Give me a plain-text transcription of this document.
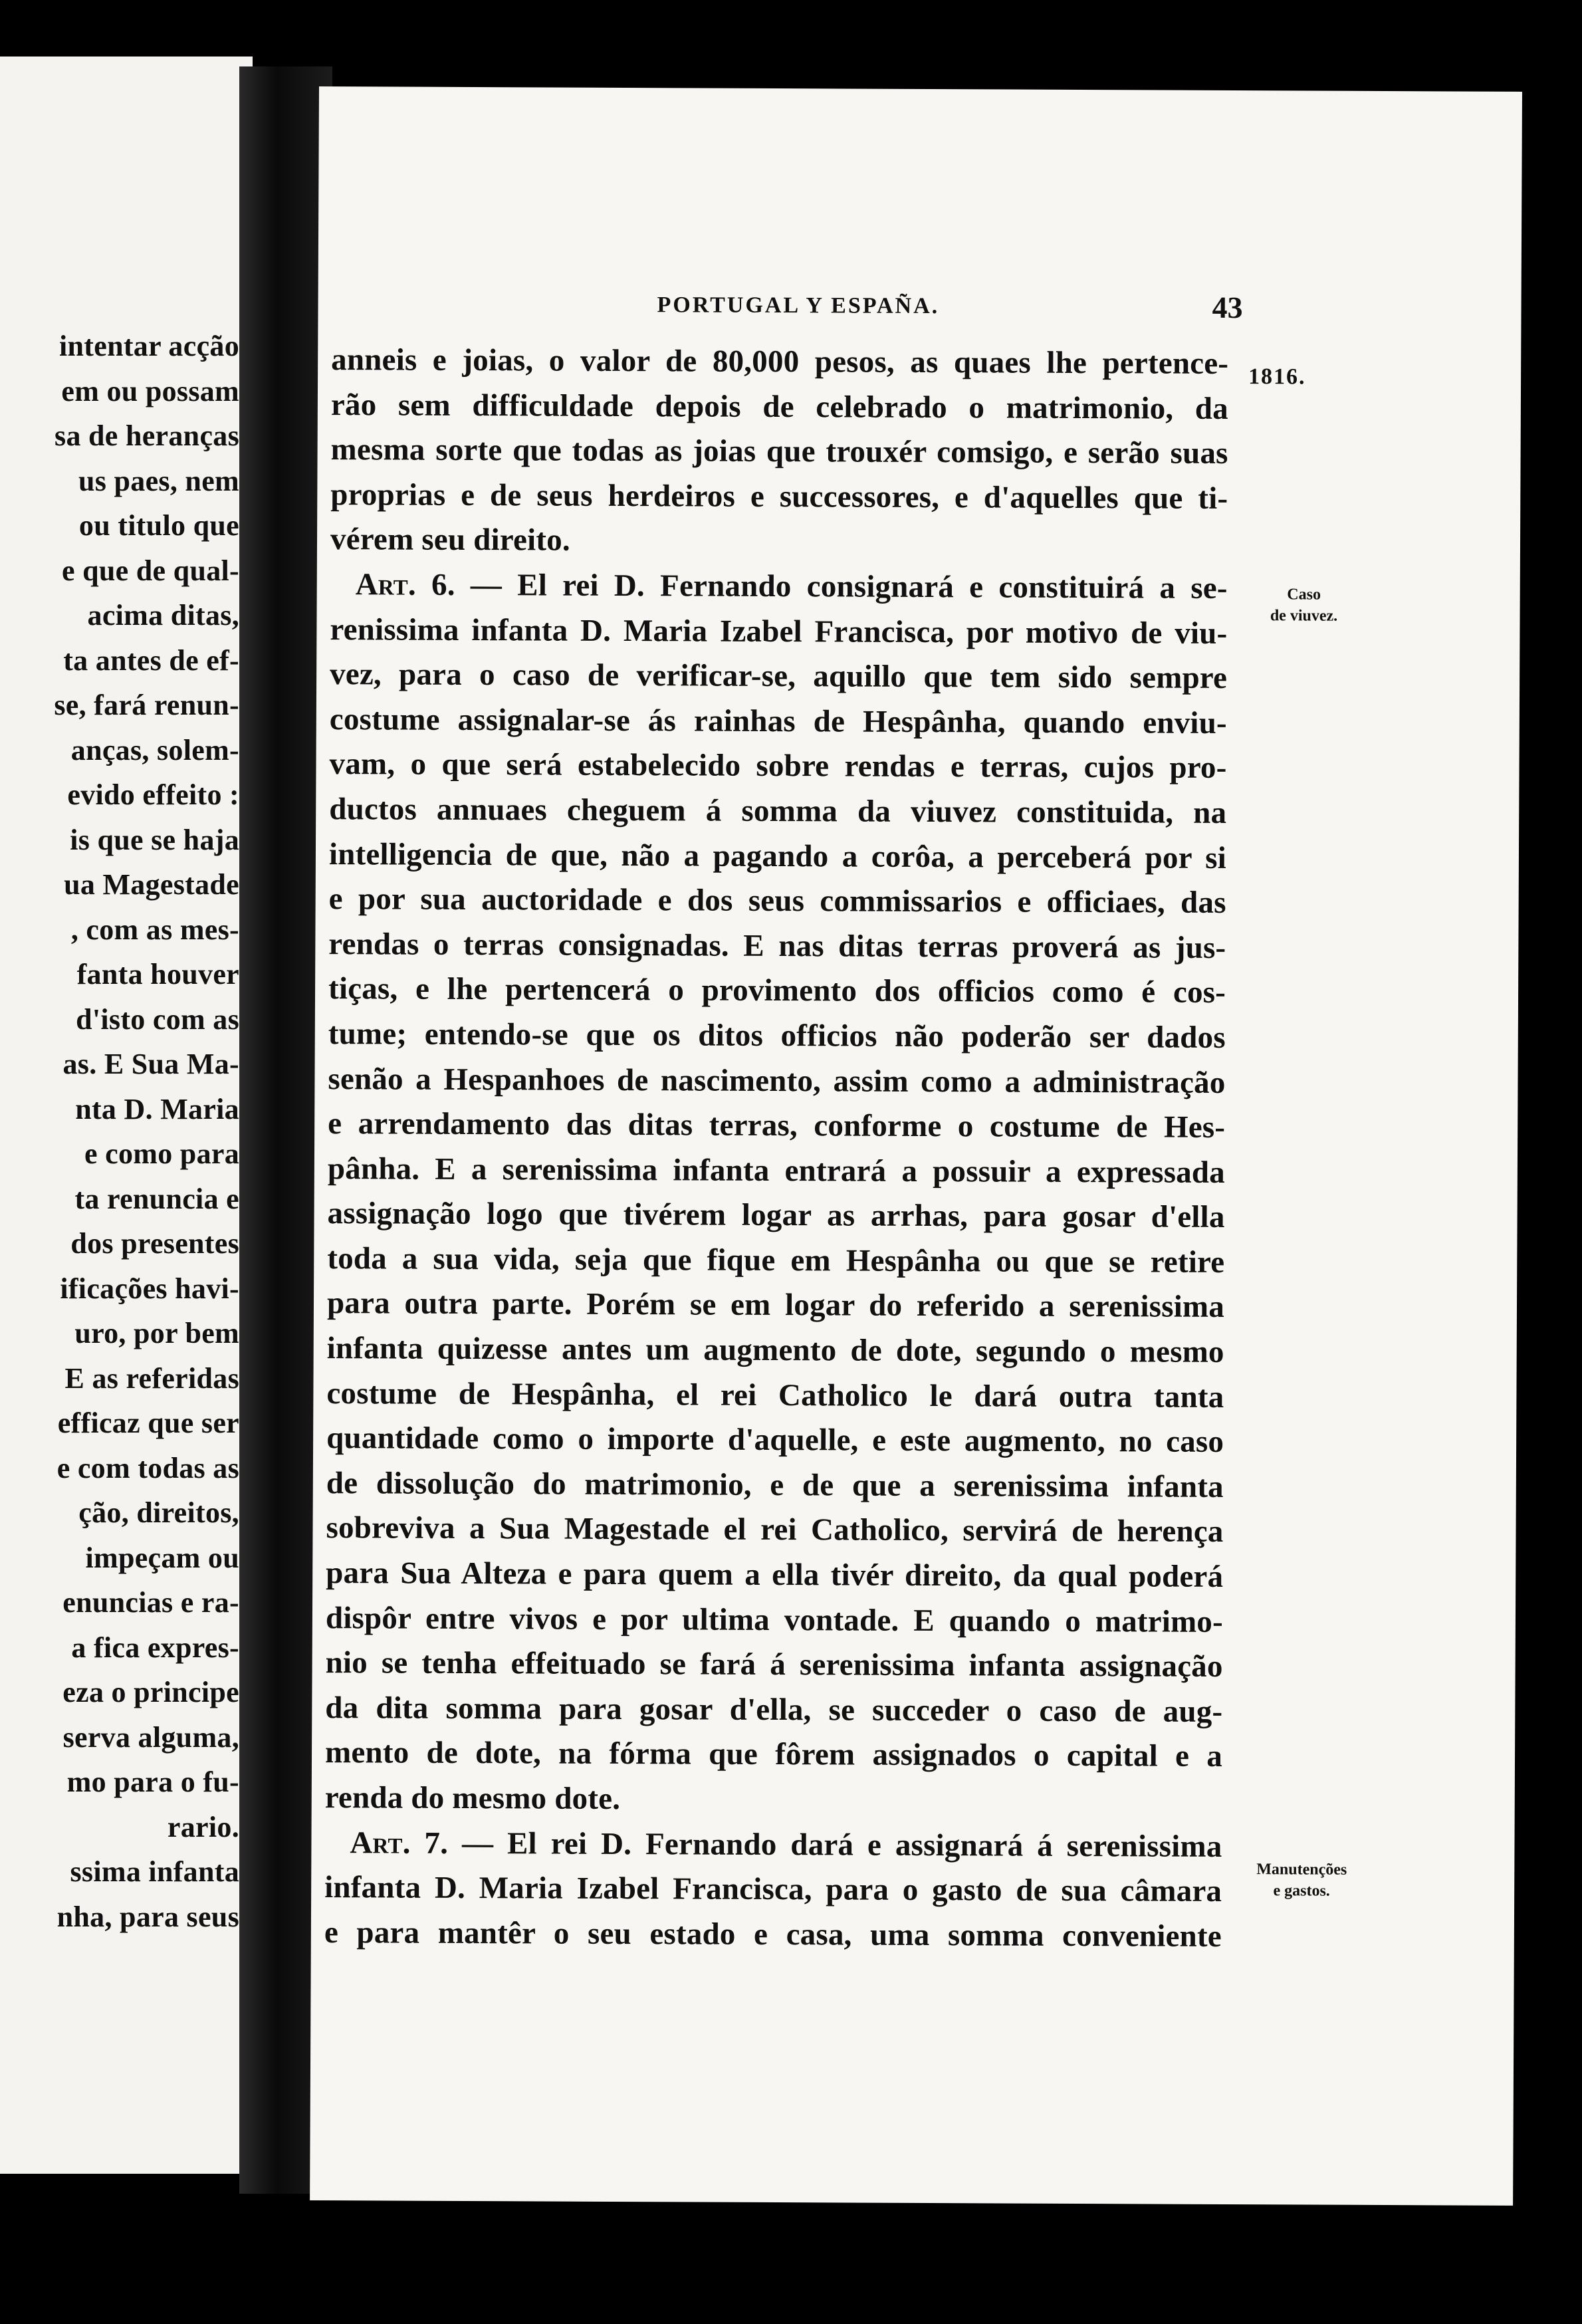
intentar acção
em ou possam
sa de heranças
us paes, nem
ou titulo que
e que de qual-
acima ditas,
ta antes de ef-
se, fará renun-
anças, solem-
evido effeito :
is que se haja
ua Magestade
, com as mes-
fanta houver
d'isto com as
as. E Sua Ma-
nta D. Maria
e como para
ta renuncia e
dos presentes
ificações havi-
uro, por bem
E as referidas
efficaz que ser
e com todas as
ção, direitos,
impeçam ou
enuncias e ra-
a fica expres-
eza o principe
serva alguma,
mo para o fu-
rario.
ssima infanta
nha, para seus
PORTUGAL Y ESPAÑA.	43
1816.
Caso
de viuvez.
Manutenções
e gastos.
anneis e joias, o valor de 80,000 pesos, as quaes lhe pertence-
rão sem difficuldade depois de celebrado o matrimonio, da
mesma sorte que todas as joias que trouxér comsigo, e serão suas
proprias e de seus herdeiros e successores, e d'aquelles que ti-
vérem seu direito.
Art. 6. — El rei D. Fernando consignará e constituirá a se-
renissima infanta D. Maria Izabel Francisca, por motivo de viu-
vez, para o caso de verificar-se, aquillo que tem sido sempre
costume assignalar-se ás rainhas de Hespânha, quando enviu-
vam, o que será estabelecido sobre rendas e terras, cujos pro-
ductos annuaes cheguem á somma da viuvez constituida, na
intelligencia de que, não a pagando a corôa, a perceberá por si
e por sua auctoridade e dos seus commissarios e officiaes, das
rendas o terras consignadas. E nas ditas terras proverá as jus-
tiças, e lhe pertencerá o provimento dos officios como é cos-
tume; entendo-se que os ditos officios não poderão ser dados
senão a Hespanhoes de nascimento, assim como a administração
e arrendamento das ditas terras, conforme o costume de Hes-
pânha. E a serenissima infanta entrará a possuir a expressada
assignação logo que tivérem logar as arrhas, para gosar d'ella
toda a sua vida, seja que fique em Hespânha ou que se retire
para outra parte. Porém se em logar do referido a serenissima
infanta quizesse antes um augmento de dote, segundo o mesmo
costume de Hespânha, el rei Catholico le dará outra tanta
quantidade como o importe d'aquelle, e este augmento, no caso
de dissolução do matrimonio, e de que a serenissima infanta
sobreviva a Sua Magestade el rei Catholico, servirá de herença
para Sua Alteza e para quem a ella tivér direito, da qual poderá
dispôr entre vivos e por ultima vontade. E quando o matrimo-
nio se tenha effeituado se fará á serenissima infanta assignação
da dita somma para gosar d'ella, se succeder o caso de aug-
mento de dote, na fórma que fôrem assignados o capital e a
renda do mesmo dote.
Art. 7. — El rei D. Fernando dará e assignará á serenissima
infanta D. Maria Izabel Francisca, para o gasto de sua câmara
e para mantêr o seu estado e casa, uma somma conveniente
